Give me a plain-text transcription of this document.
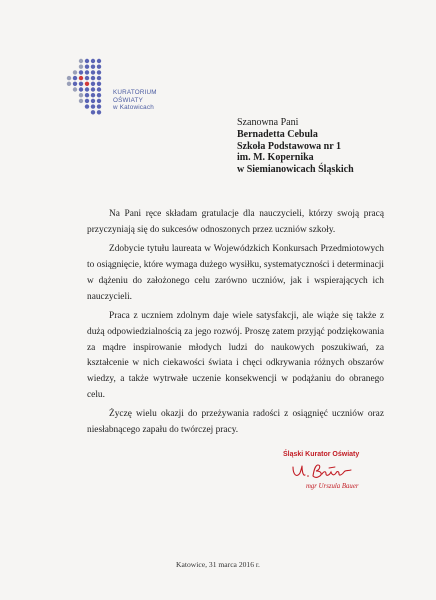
KURATORIUM
OŚWIATY
w Katowicach
Szanowna Pani
Bernadetta Cebula
Szkoła Podstawowa nr 1
im. M. Kopernika
w Siemianowicach Śląskich

Na Pani ręce składam gratulacje dla nauczycieli, którzy swoją pracą przyczyniają się do sukcesów odnoszonych przez uczniów szkoły.

Zdobycie tytułu laureata w Wojewódzkich Konkursach Przedmiotowych to osiągnięcie, które wymaga dużego wysiłku, systematyczności i determinacji w dążeniu do założonego celu zarówno uczniów, jak i wspierających ich nauczycieli.

Praca z uczniem zdolnym daje wiele satysfakcji, ale wiąże się także z dużą odpowiedzialnością za jego rozwój. Proszę zatem przyjąć podziękowania za mądre inspirowanie młodych ludzi do naukowych poszukiwań, za kształcenie w nich ciekawości świata i chęci odkrywania różnych obszarów wiedzy, a także wytrwałe uczenie konsekwencji w podążaniu do obranego celu.

Życzę wielu okazji do przeżywania radości z osiągnięć uczniów oraz niesłabnącego zapału do twórczej pracy.

Śląski Kurator Oświaty
mgr Urszula Bauer
Katowice, 31 marca 2016 r.
